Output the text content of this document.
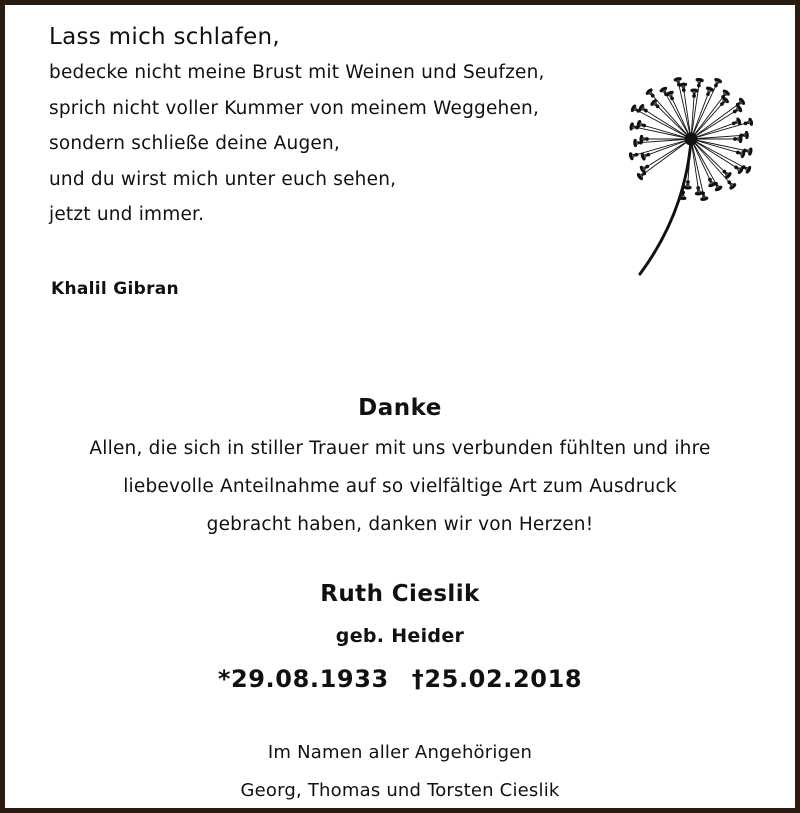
Lass mich schlafen,
bedecke nicht meine Brust mit Weinen und Seufzen,
sprich nicht voller Kummer von meinem Weggehen,
sondern schließe deine Augen,
und du wirst mich unter euch sehen,
jetzt und immer.
Khalil Gibran
Danke
Allen, die sich in stiller Trauer mit uns verbunden fühlten und ihre
liebevolle Anteilnahme auf so vielfältige Art zum Ausdruck
gebracht haben, danken wir von Herzen!
Ruth Cieslik
geb. Heider
*29.08.1933 †25.02.2018
Im Namen aller Angehörigen
Georg, Thomas und Torsten Cieslik
